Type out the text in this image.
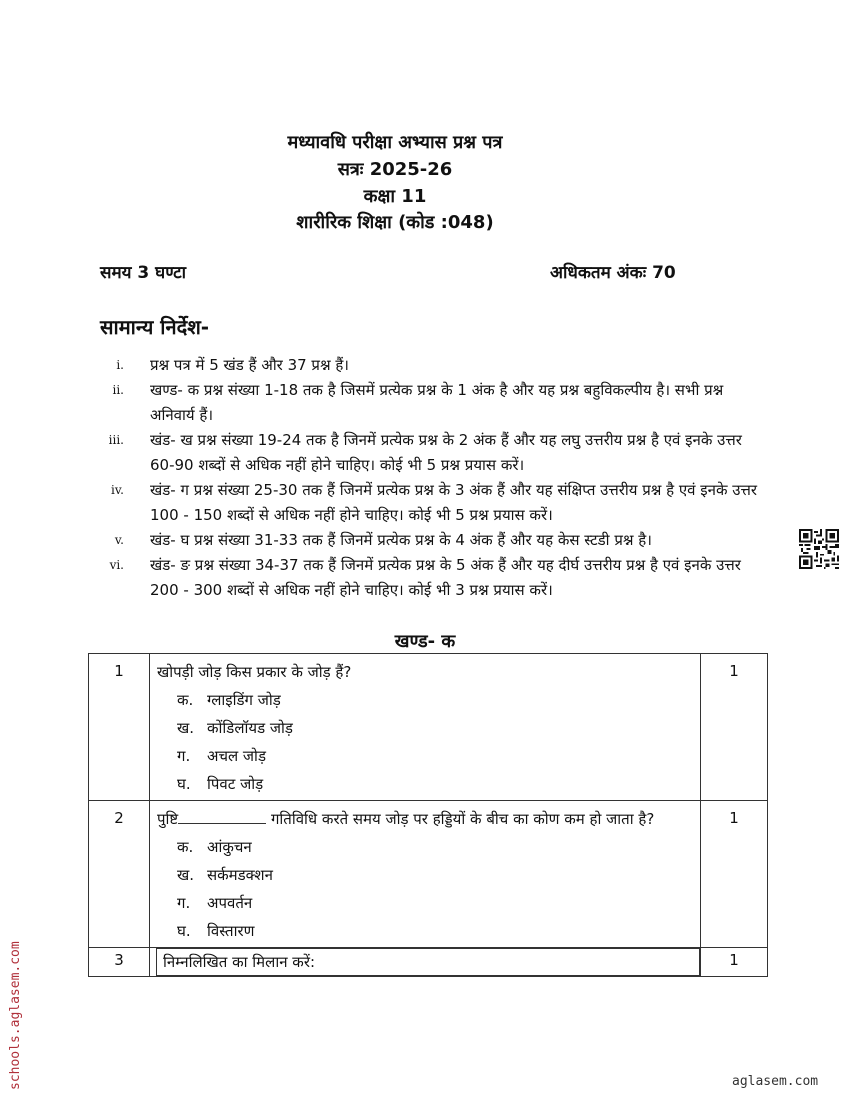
मध्यावधि परीक्षा अभ्यास प्रश्न पत्र
सत्रः 2025-26
कक्षा 11
शारीरिक शिक्षा (कोड :048)
समय 3 घण्टा	अधिकतम अंकः 70
सामान्य निर्देश-
i. प्रश्न पत्र में 5 खंड हैं और 37 प्रश्न हैं।
ii. खण्ड- क प्रश्न संख्या 1-18 तक है जिसमें प्रत्येक प्रश्न के 1 अंक है और यह प्रश्न बहुविकल्पीय है। सभी प्रश्न अनिवार्य हैं।
iii. खंड- ख प्रश्न संख्या 19-24 तक है जिनमें प्रत्येक प्रश्न के 2 अंक हैं और यह लघु उत्तरीय प्रश्न है एवं इनके उत्तर 60-90 शब्दों से अधिक नहीं होने चाहिए। कोई भी 5 प्रश्न प्रयास करें।
iv. खंड- ग प्रश्न संख्या 25-30 तक हैं जिनमें प्रत्येक प्रश्न के 3 अंक हैं और यह संक्षिप्त उत्तरीय प्रश्न है एवं इनके उत्तर 100 - 150 शब्दों से अधिक नहीं होने चाहिए। कोई भी 5 प्रश्न प्रयास करें।
v. खंड- घ प्रश्न संख्या 31-33 तक हैं जिनमें प्रत्येक प्रश्न के 4 अंक हैं और यह केस स्टडी प्रश्न है।
vi. खंड- ङ प्रश्न संख्या 34-37 तक हैं जिनमें प्रत्येक प्रश्न के 5 अंक हैं और यह दीर्घ उत्तरीय प्रश्न है एवं इनके उत्तर 200 - 300 शब्दों से अधिक नहीं होने चाहिए। कोई भी 3 प्रश्न प्रयास करें।
खण्ड- क
1	खोपड़ी जोड़ किस प्रकार के जोड़ हैं?
क. ग्लाइडिंग जोड़
ख. कोंडिलॉयड जोड़
ग. अचल जोड़
घ. पिवट जोड़	1
2	पुष्टि गतिविधि करते समय जोड़ पर हड्डियों के बीच का कोण कम हो जाता है?
क. आंकुचन
ख. सर्कमडक्शन
ग. अपवर्तन
घ. विस्तारण	1
3	निम्नलिखित का मिलान करें:	1
schools.aglasem.com	aglasem.com
